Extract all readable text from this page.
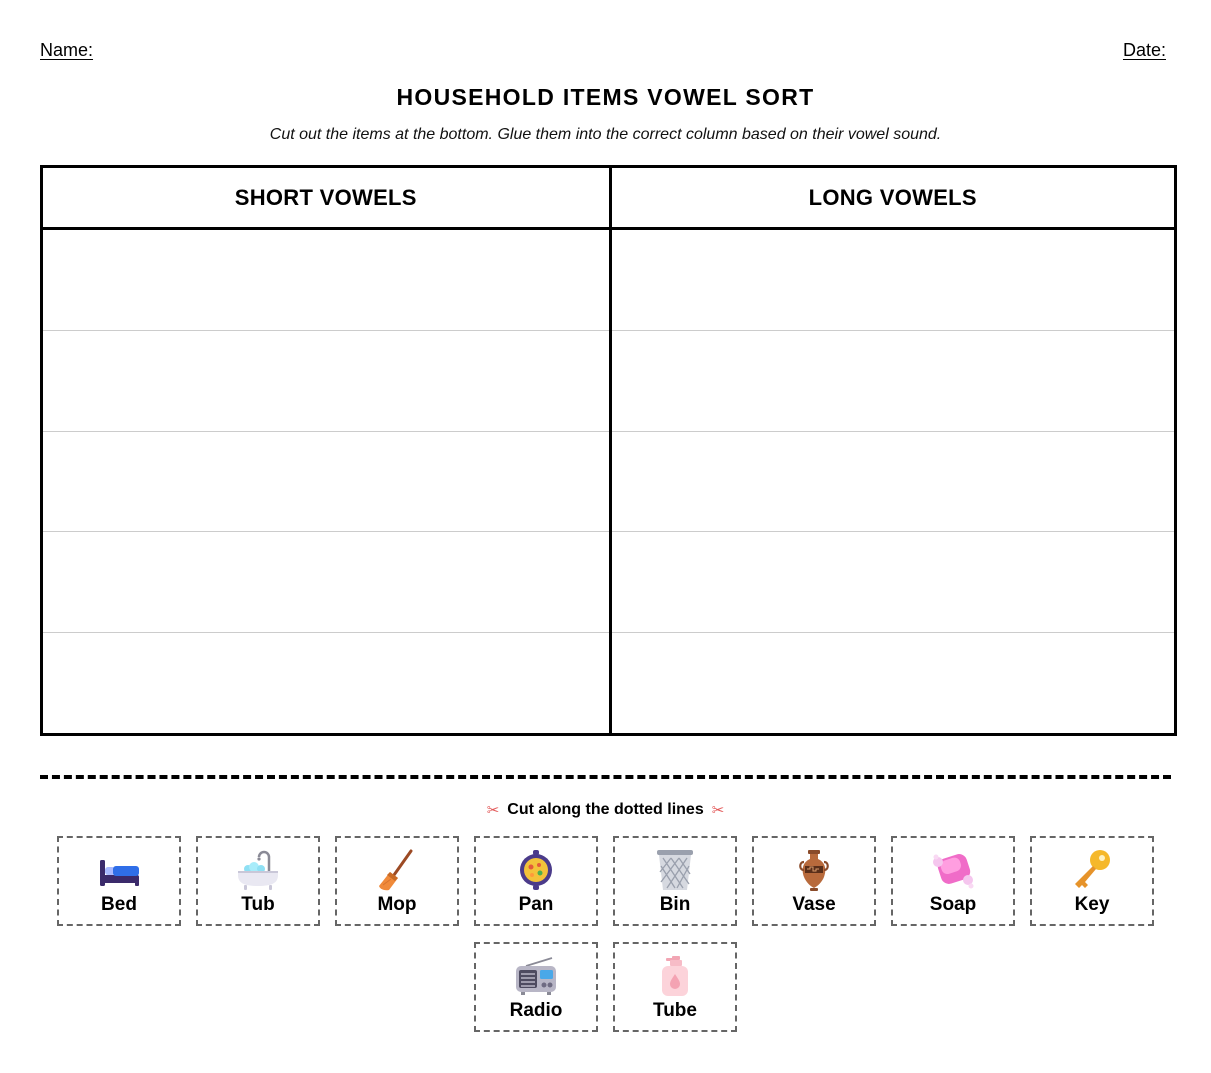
Name:	Date:
HOUSEHOLD ITEMS VOWEL SORT
Cut out the items at the bottom. Glue them into the correct column based on their vowel sound.
SHORT VOWELS	LONG VOWELS
✂ Cut along the dotted lines ✂
Bed	Tub	Mop	Pan	Bin	Vase	Soap	Key
Radio	Tube
